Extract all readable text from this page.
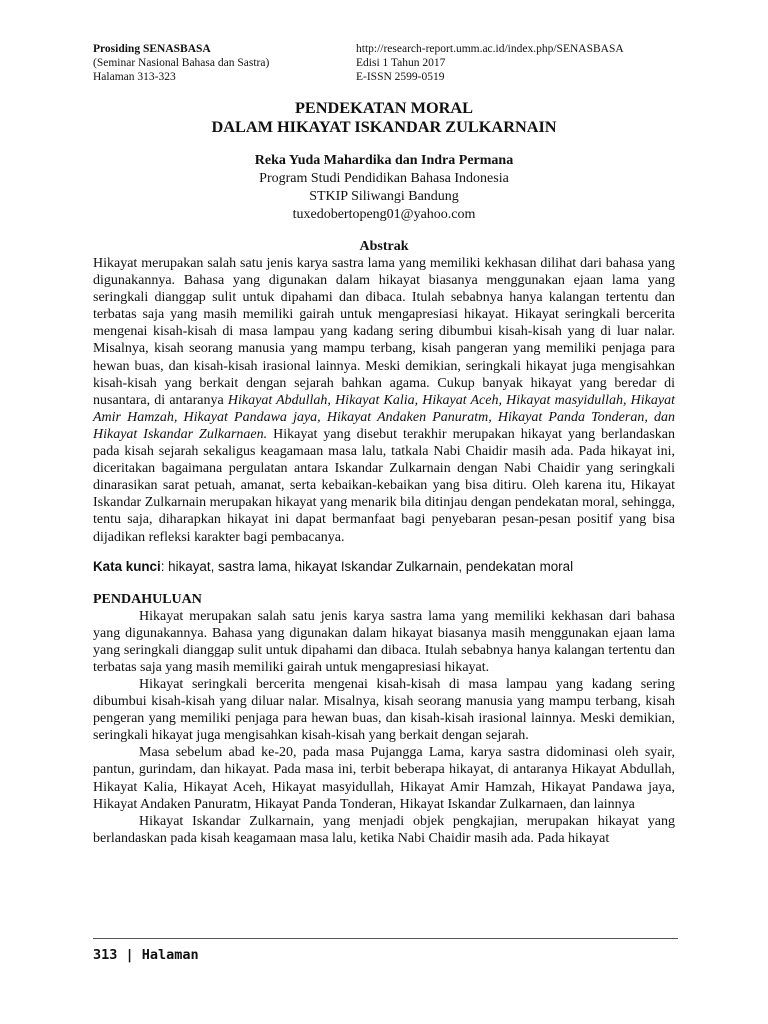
Prosiding SENASBASA
(Seminar Nasional Bahasa dan Sastra)
Halaman 313-323
http://research-report.umm.ac.id/index.php/SENASBASA
Edisi 1 Tahun 2017
E-ISSN 2599-0519
PENDEKATAN MORAL
DALAM HIKAYAT ISKANDAR ZULKARNAIN
Reka Yuda Mahardika dan Indra Permana
Program Studi Pendidikan Bahasa Indonesia
STKIP Siliwangi Bandung
tuxedobertopeng01@yahoo.com
Abstrak

Hikayat merupakan salah satu jenis karya sastra lama yang memiliki kekhasan dilihat dari bahasa yang digunakannya. Bahasa yang digunakan dalam hikayat biasanya menggunakan ejaan lama yang seringkali dianggap sulit untuk dipahami dan dibaca. Itulah sebabnya hanya kalangan tertentu dan terbatas saja yang masih memiliki gairah untuk mengapresiasi hikayat. Hikayat seringkali bercerita mengenai kisah-kisah di masa lampau yang kadang sering dibumbui kisah-kisah yang di luar nalar. Misalnya, kisah seorang manusia yang mampu terbang, kisah pangeran yang memiliki penjaga para hewan buas, dan kisah-kisah irasional lainnya. Meski demikian, seringkali hikayat juga mengisahkan kisah-kisah yang berkait dengan sejarah bahkan agama. Cukup banyak hikayat yang beredar di nusantara, di antaranya Hikayat Abdullah, Hikayat Kalia, Hikayat Aceh, Hikayat masyidullah, Hikayat Amir Hamzah, Hikayat Pandawa jaya, Hikayat Andaken Panuratm, Hikayat Panda Tonderan, dan Hikayat Iskandar Zulkarnaen. Hikayat yang disebut terakhir merupakan hikayat yang berlandaskan pada kisah sejarah sekaligus keagamaan masa lalu, tatkala Nabi Chaidir masih ada. Pada hikayat ini, diceritakan bagaimana pergulatan antara Iskandar Zulkarnain dengan Nabi Chaidir yang seringkali dinarasikan sarat petuah, amanat, serta kebaikan-kebaikan yang bisa ditiru. Oleh karena itu, Hikayat Iskandar Zulkarnain merupakan hikayat yang menarik bila ditinjau dengan pendekatan moral, sehingga, tentu saja, diharapkan hikayat ini dapat bermanfaat bagi penyebaran pesan-pesan positif yang bisa dijadikan refleksi karakter bagi pembacanya.

Kata kunci: hikayat, sastra lama, hikayat Iskandar Zulkarnain, pendekatan moral
PENDAHULUAN

Hikayat merupakan salah satu jenis karya sastra lama yang memiliki kekhasan dari bahasa yang digunakannya. Bahasa yang digunakan dalam hikayat biasanya masih menggunakan ejaan lama yang seringkali dianggap sulit untuk dipahami dan dibaca. Itulah sebabnya hanya kalangan tertentu dan terbatas saja yang masih memiliki gairah untuk mengapresiasi hikayat.

Hikayat seringkali bercerita mengenai kisah-kisah di masa lampau yang kadang sering dibumbui kisah-kisah yang diluar nalar. Misalnya, kisah seorang manusia yang mampu terbang, kisah pengeran yang memiliki penjaga para hewan buas, dan kisah-kisah irasional lainnya. Meski demikian, seringkali hikayat juga mengisahkan kisah-kisah yang berkait dengan sejarah.

Masa sebelum abad ke-20, pada masa Pujangga Lama, karya sastra didominasi oleh syair, pantun, gurindam, dan hikayat. Pada masa ini, terbit beberapa hikayat, di antaranya Hikayat Abdullah, Hikayat Kalia, Hikayat Aceh, Hikayat masyidullah, Hikayat Amir Hamzah, Hikayat Pandawa jaya, Hikayat Andaken Panuratm, Hikayat Panda Tonderan, Hikayat Iskandar Zulkarnaen, dan lainnya

Hikayat Iskandar Zulkarnain, yang menjadi objek pengkajian, merupakan hikayat yang berlandaskan pada kisah keagamaan masa lalu, ketika Nabi Chaidir masih ada. Pada hikayat

313 | Halaman
